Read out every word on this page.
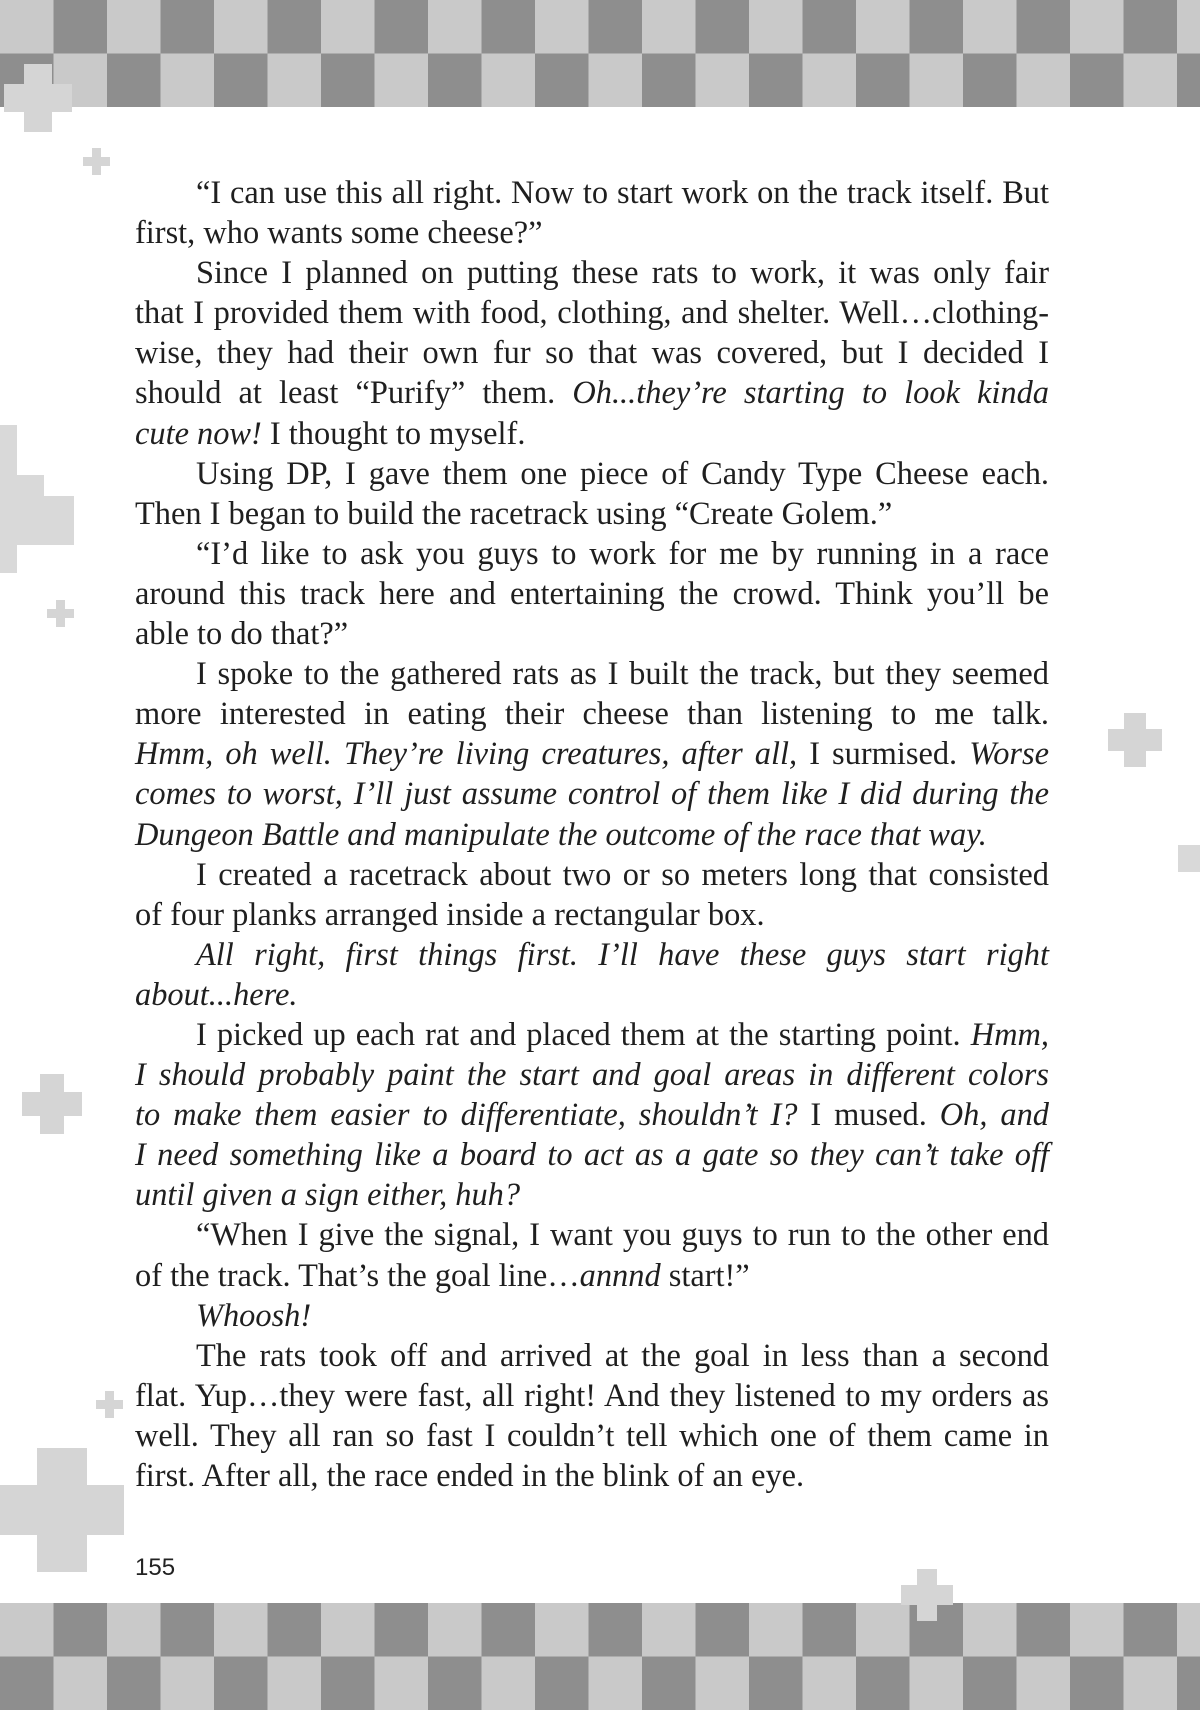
“I can use this all right. Now to start work on the track itself. But
first, who wants some cheese?”
Since I planned on putting these rats to work, it was only fair
that I provided them with food, clothing, and shelter. Well…clothing-
wise, they had their own fur so that was covered, but I decided I
should at least “Purify” them. Oh...they’re starting to look kinda
cute now! I thought to myself.
Using DP, I gave them one piece of Candy Type Cheese each.
Then I began to build the racetrack using “Create Golem.”
“I’d like to ask you guys to work for me by running in a race
around this track here and entertaining the crowd. Think you’ll be
able to do that?”
I spoke to the gathered rats as I built the track, but they seemed
more interested in eating their cheese than listening to me talk.
Hmm, oh well. They’re living creatures, after all, I surmised. Worse
comes to worst, I’ll just assume control of them like I did during the
Dungeon Battle and manipulate the outcome of the race that way.
I created a racetrack about two or so meters long that consisted
of four planks arranged inside a rectangular box.
All right, first things first. I’ll have these guys start right
about...here.
I picked up each rat and placed them at the starting point. Hmm,
I should probably paint the start and goal areas in different colors
to make them easier to differentiate, shouldn’t I? I mused. Oh, and
I need something like a board to act as a gate so they can’t take off
until given a sign either, huh?
“When I give the signal, I want you guys to run to the other end
of the track. That’s the goal line…annnd start!”
Whoosh!
The rats took off and arrived at the goal in less than a second
flat. Yup…they were fast, all right! And they listened to my orders as
well. They all ran so fast I couldn’t tell which one of them came in
first. After all, the race ended in the blink of an eye.
155
